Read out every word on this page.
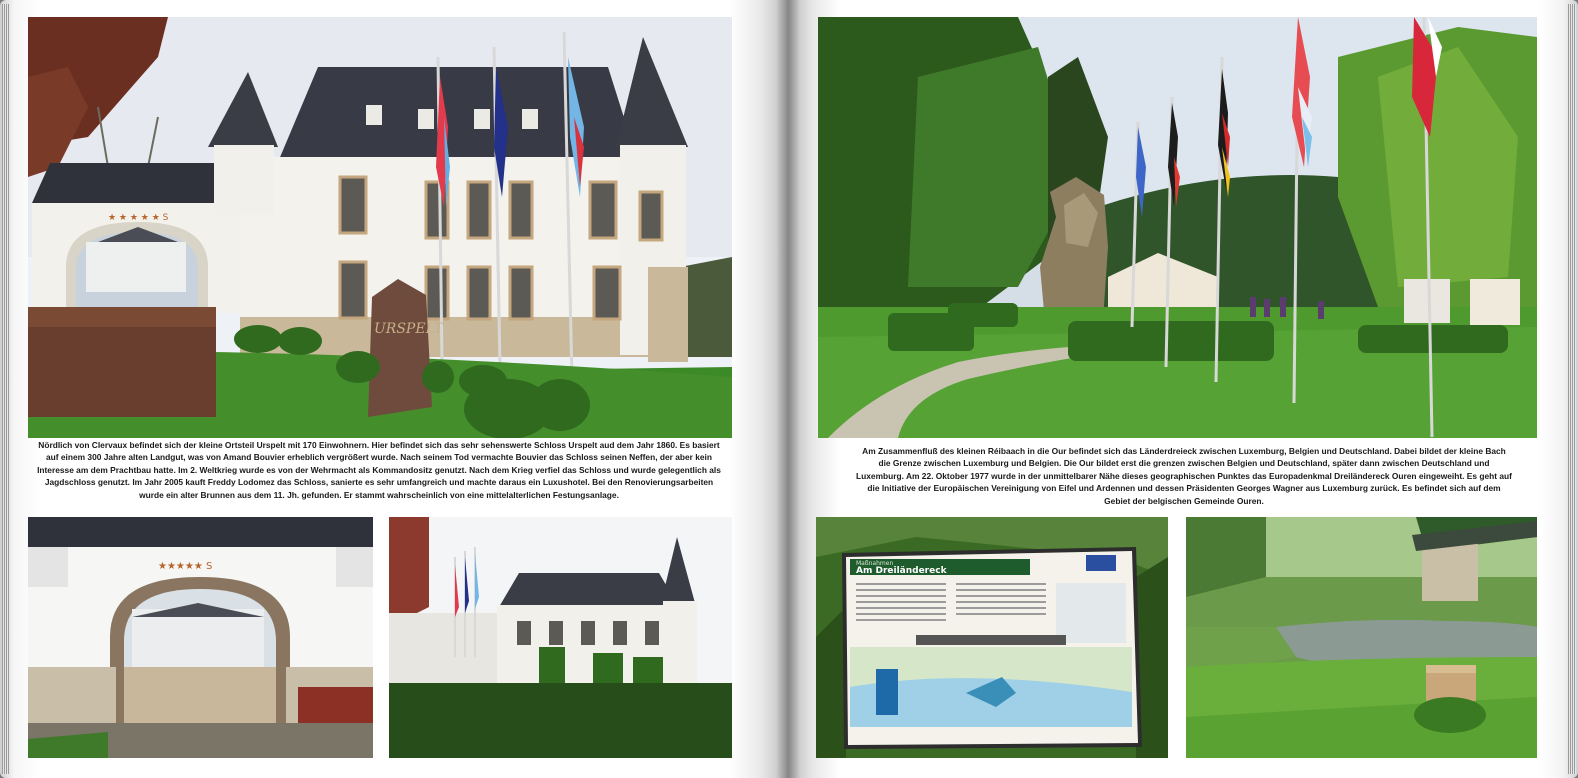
★ ★ ★ ★ ★ S
URSPELT

Nördlich von Clervaux befindet sich der kleine Ortsteil Urspelt mit 170 Einwohnern. Hier befindet sich das sehr sehenswerte Schloss Urspelt aud dem Jahr 1860. Es basiert auf einem 300 Jahre alten Landgut, was von Amand Bouvier erheblich vergrößert wurde. Nach seinem Tod vermachte Bouvier das Schloss seinen Neffen, der aber kein Interesse am dem Prachtbau hatte. Im 2. Weltkrieg wurde es von der Wehrmacht als Kommandositz genutzt. Nach dem Krieg verfiel das Schloss und wurde gelegentlich als Jagdschloss genutzt. Im Jahr 2005 kauft Freddy Lodomez das Schloss, sanierte es sehr umfangreich und machte daraus ein Luxushotel. Bei den Renovierungsarbeiten wurde ein alter Brunnen aus dem 11. Jh. gefunden. Er stammt wahrscheinlich von eine mittelalterlichen Festungsanlage.

★★★★★ S

Am Zusammenfluß des kleinen Réibaach in die Our befindet sich das Länderdreieck zwischen Luxemburg, Belgien und Deutschland. Dabei bildet der kleine Bach die Grenze zwischen Luxemburg und Belgien. Die Our bildet erst die grenzen zwischen Belgien und Deutschland, später dann zwischen Deutschland und Luxemburg. Am 22. Oktober 1977 wurde in der unmittelbarer Nähe dieses geographischen Punktes das Europadenkmal Dreiländereck Ouren eingeweiht. Es geht auf die Initiative der Europäischen Vereinigung von Eifel und Ardennen und dessen Präsidenten Georges Wagner aus Luxemburg zurück. Es befindet sich auf dem Gebiet der belgischen Gemeinde Ouren.

Maßnahmen
Am Dreiländereck
